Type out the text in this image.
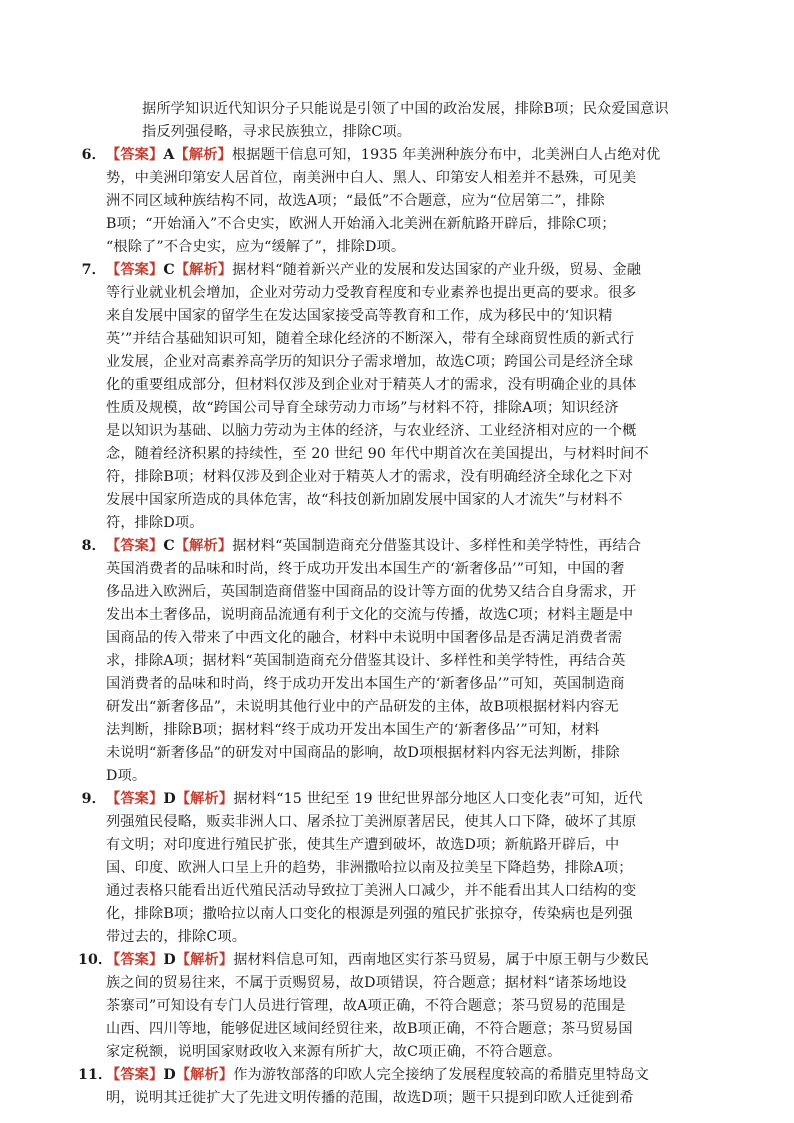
据所学知识近代知识分子只能说是引领了中国的政治发展，排除B项；民众爱国意识
指反列强侵略，寻求民族独立，排除C项。
6． 【答案】A【解析】根据题干信息可知，1935 年美洲种族分布中，北美洲白人占绝对优
势，中美洲印第安人居首位，南美洲中白人、黑人、印第安人相差并不悬殊，可见美
洲不同区域种族结构不同，故选A项；“最低”不合题意，应为“位居第二”，排除
B项；“开始涌入”不合史实，欧洲人开始涌入北美洲在新航路开辟后，排除C项；
“根除了”不合史实，应为“缓解了”，排除D项。
7． 【答案】C【解析】据材料“随着新兴产业的发展和发达国家的产业升级，贸易、金融
等行业就业机会增加，企业对劳动力受教育程度和专业素养也提出更高的要求。很多
来自发展中国家的留学生在发达国家接受高等教育和工作，成为移民中的‘知识精
英’”并结合基础知识可知，随着全球化经济的不断深入，带有全球商贸性质的新式行
业发展，企业对高素养高学历的知识分子需求增加，故选C项；跨国公司是经济全球
化的重要组成部分，但材料仅涉及到企业对于精英人才的需求，没有明确企业的具体
性质及规模，故“跨国公司导育全球劳动力市场”与材料不符，排除A项；知识经济
是以知识为基础、以脑力劳动为主体的经济，与农业经济、工业经济相对应的一个概
念，随着经济积累的持续性，至 20 世纪 90 年代中期首次在美国提出，与材料时间不
符，排除B项；材料仅涉及到企业对于精英人才的需求，没有明确经济全球化之下对
发展中国家所造成的具体危害，故“科技创新加剧发展中国家的人才流失”与材料不
符，排除D项。
8． 【答案】C【解析】据材料“英国制造商充分借鉴其设计、多样性和美学特性，再结合
英国消费者的品味和时尚，终于成功开发出本国生产的‘新奢侈品’”可知，中国的奢
侈品进入欧洲后，英国制造商借鉴中国商品的设计等方面的优势又结合自身需求，开
发出本土奢侈品，说明商品流通有利于文化的交流与传播，故选C项；材料主题是中
国商品的传入带来了中西文化的融合，材料中未说明中国奢侈品是否满足消费者需
求，排除A项；据材料“英国制造商充分借鉴其设计、多样性和美学特性，再结合英
国消费者的品味和时尚，终于成功开发出本国生产的‘新奢侈品’”可知，英国制造商
研发出“新奢侈品”，未说明其他行业中的产品研发的主体，故B项根据材料内容无
法判断，排除B项；据材料“终于成功开发出本国生产的‘新奢侈品’”可知，材料
未说明“新奢侈品”的研发对中国商品的影响，故D项根据材料内容无法判断，排除
D项。
9． 【答案】D【解析】据材料“15 世纪至 19 世纪世界部分地区人口变化表”可知，近代
列强殖民侵略，贩卖非洲人口、屠杀拉丁美洲原著居民，使其人口下降，破坏了其原
有文明；对印度进行殖民扩张，使其生产遭到破坏，故选D项；新航路开辟后，中
国、印度、欧洲人口呈上升的趋势，非洲撒哈拉以南及拉美呈下降趋势，排除A项；
通过表格只能看出近代殖民活动导致拉丁美洲人口减少，并不能看出其人口结构的变
化，排除B项；撒哈拉以南人口变化的根源是列强的殖民扩张掠夺，传染病也是列强
带过去的，排除C项。
10．
【答案】D【解析】据材料信息可知，西南地区实行茶马贸易，属于中原王朝与少数民
族之间的贸易往来，不属于贡赐贸易，故D项错误，符合题意；据材料“诸茶场地设
茶寨司”可知设有专门人员进行管理，故A项正确，不符合题意；茶马贸易的范围是
山西、四川等地，能够促进区域间经贸往来，故B项正确，不符合题意；茶马贸易国
家定税额，说明国家财政收入来源有所扩大，故C项正确，不符合题意。
11．
【答案】D【解析】作为游牧部落的印欧人完全接纳了发展程度较高的希腊克里特岛文
明，说明其迁徙扩大了先进文明传播的范围，故选D项；题干只提到印欧人迁徙到希
